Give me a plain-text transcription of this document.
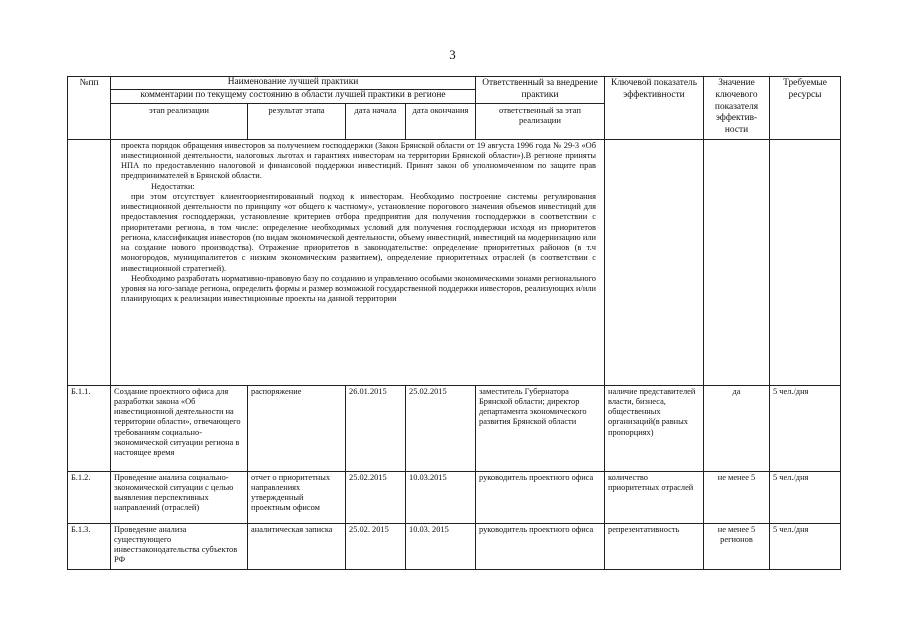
3
№пп	Наименование лучшей практики				Ответственный за внедрение практики	Ключевой показатель эффективности	Значение ключевого показателя эффектив-ности	Требуемые ресурсы
	комментарии по текущему состоянию в области лучшей практики в регионе							
	этап реализации	результат этапа	дата начала	дата окончания	ответственный за этап реализации			

	проекта порядок обращения инвесторов за получением господдержки (Закон Брянской области от 19 августа 1996 года № 29-3 «Об инвестиционной деятельности, налоговых льготах и гарантиях инвесторам на территории Брянской области»).В регионе приняты НПА по предоставлению налоговой и финансовой поддержки инвестиций. Принят закон об уполномоченном по защите прав предпринимателей в Брянской области.

Недостатки:

при этом отсутствует клиентоориентированный подход к инвесторам. Необходимо построение системы регулирования инвестиционной деятельности по принципу «от общего к частному», установление порогового значения объемов инвестиций для предоставления господдержки, установление критериев отбора предприятия для получения господдержки в соответствии с приоритетами региона, в том числе: определение необходимых условий для получения господдержки исходя из приоритетов региона, классификация инвесторов (по видам экономической деятельности, объему инвестиций, инвестиций на модернизацию или на создание нового производства). Отражение приоритетов в законодательстве: определение приоритетных районов (в т.ч моногородов, муниципалитетов с низким экономическим развитием), определение приоритетных отраслей (в соответствии с инвестиционной стратегией).

Необходимо разработать нормативно-правовую базу по созданию и управлению особыми экономическими зонами регионального уровня на юго-западе региона, определить формы и размер возможной государственной поддержки инвесторов, реализующих и/или планирующих к реализации инвестиционные проекты на данной территории							

Б.1.1.	Создание проектного офиса для разработки закона «Об инвестиционной деятельности на территории области», отвечающего требованиям социально-экономической ситуации региона в настоящее время	распоряжение	26.01.2015	25.02.2015	заместитель Губернатора Брянской области; директор департамента экономического развития Брянской области	наличие представителей власти, бизнеса, общественных организаций(в равных пропорциях)	да	5 чел./дня
Б.1.2.	Проведение анализа социально-экономической ситуации с целью выявления перспективных направлений (отраслей)	отчет о приоритетных направлениях утвержденный проектным офисом	25.02.2015	10.03.2015	руководитель проектного офиса	количество приоритетных отраслей	не менее 5	5 чел./дня
Б.1.3.	Проведение анализа существующего инвестзаконодательства субъектов РФ	аналитическая записка	25.02. 2015	10.03. 2015	руководитель проектного офиса	репрезентативность	не менее 5 регионов	5 чел./дня
